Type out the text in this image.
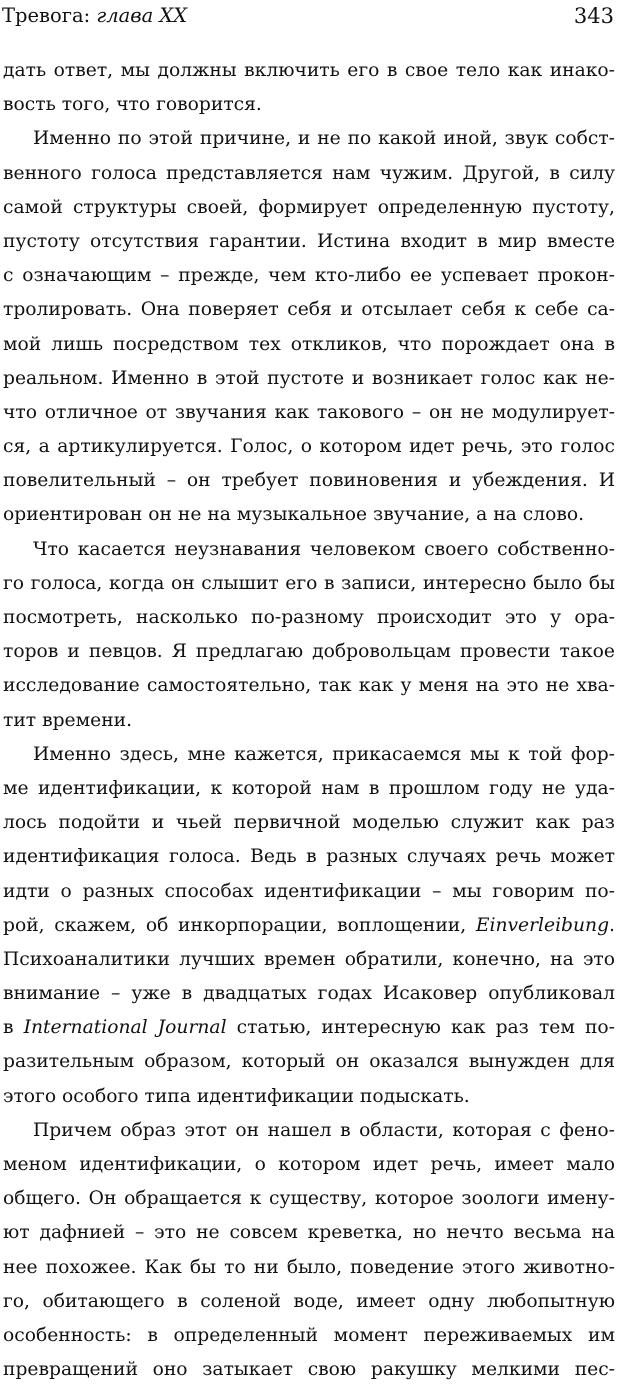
Тревога: глава XX	343
дать ответ, мы должны включить его в свое тело как инако-
вость того, что говорится.
Именно по этой причине, и не по какой иной, звук собст-
венного голоса представляется нам чужим. Другой, в силу
самой структуры своей, формирует определенную пустоту,
пустоту отсутствия гарантии. Истина входит в мир вместе
с означающим – прежде, чем кто-либо ее успевает прокон-
тролировать. Она поверяет себя и отсылает себя к себе са-
мой лишь посредством тех откликов, что порождает она в
реальном. Именно в этой пустоте и возникает голос как не-
что отличное от звучания как такового – он не модулирует-
ся, а артикулируется. Голос, о котором идет речь, это голос
повелительный – он требует повиновения и убеждения. И
ориентирован он не на музыкальное звучание, а на слово.
Что касается неузнавания человеком своего собственно-
го голоса, когда он слышит его в записи, интересно было бы
посмотреть, насколько по-разному происходит это у ора-
торов и певцов. Я предлагаю добровольцам провести такое
исследование самостоятельно, так как у меня на это не хва-
тит времени.
Именно здесь, мне кажется, прикасаемся мы к той фор-
ме идентификации, к которой нам в прошлом году не уда-
лось подойти и чьей первичной моделью служит как раз
идентификация голоса. Ведь в разных случаях речь может
идти о разных способах идентификации – мы говорим по-
рой, скажем, об инкорпорации, воплощении, Einverleibung.
Психоаналитики лучших времен обратили, конечно, на это
внимание – уже в двадцатых годах Исаковер опубликовал
в International Journal статью, интересную как раз тем по-
разительным образом, который он оказался вынужден для
этого особого типа идентификации подыскать.
Причем образ этот он нашел в области, которая с фено-
меном идентификации, о котором идет речь, имеет мало
общего. Он обращается к существу, которое зоологи имену-
ют дафнией – это не совсем креветка, но нечто весьма на
нее похожее. Как бы то ни было, поведение этого животно-
го, обитающего в соленой воде, имеет одну любопытную
особенность: в определенный момент переживаемых им
превращений оно затыкает свою ракушку мелкими пес-
